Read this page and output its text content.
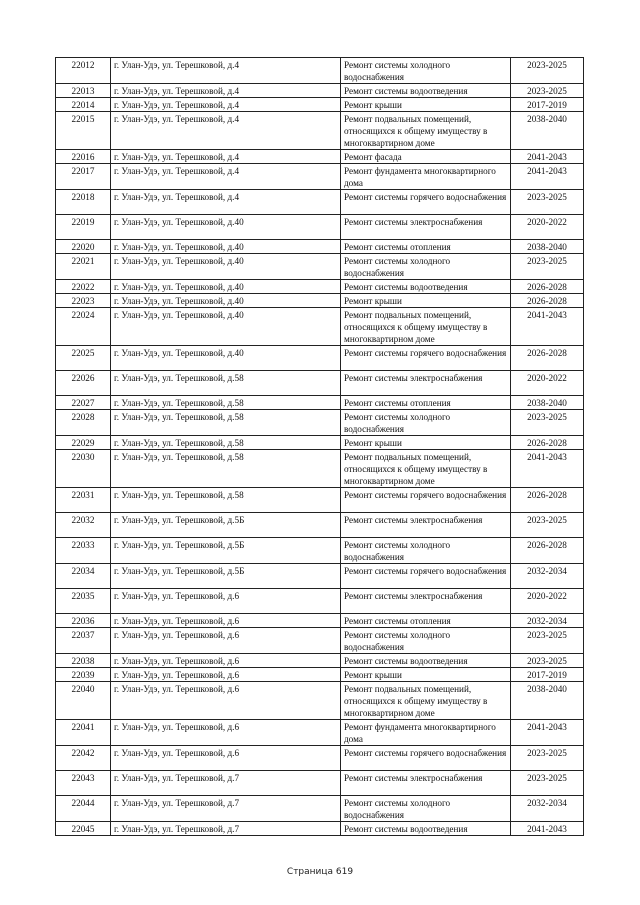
22012	г. Улан-Удэ, ул. Терешковой, д.4	Ремонт системы холодного водоснабжения	2023-2025
22013	г. Улан-Удэ, ул. Терешковой, д.4	Ремонт системы водоотведения	2023-2025
22014	г. Улан-Удэ, ул. Терешковой, д.4	Ремонт крыши	2017-2019
22015	г. Улан-Удэ, ул. Терешковой, д.4	Ремонт подвальных помещений, относящихся к общему имуществу в многоквартирном доме	2038-2040
22016	г. Улан-Удэ, ул. Терешковой, д.4	Ремонт фасада	2041-2043
22017	г. Улан-Удэ, ул. Терешковой, д.4	Ремонт фундамента многоквартирного дома	2041-2043
22018	г. Улан-Удэ, ул. Терешковой, д.4	Ремонт системы горячего водоснабжения	2023-2025
22019	г. Улан-Удэ, ул. Терешковой, д.40	Ремонт системы электроснабжения	2020-2022
22020	г. Улан-Удэ, ул. Терешковой, д.40	Ремонт системы отопления	2038-2040
22021	г. Улан-Удэ, ул. Терешковой, д.40	Ремонт системы холодного водоснабжения	2023-2025
22022	г. Улан-Удэ, ул. Терешковой, д.40	Ремонт системы водоотведения	2026-2028
22023	г. Улан-Удэ, ул. Терешковой, д.40	Ремонт крыши	2026-2028
22024	г. Улан-Удэ, ул. Терешковой, д.40	Ремонт подвальных помещений, относящихся к общему имуществу в многоквартирном доме	2041-2043
22025	г. Улан-Удэ, ул. Терешковой, д.40	Ремонт системы горячего водоснабжения	2026-2028
22026	г. Улан-Удэ, ул. Терешковой, д.58	Ремонт системы электроснабжения	2020-2022
22027	г. Улан-Удэ, ул. Терешковой, д.58	Ремонт системы отопления	2038-2040
22028	г. Улан-Удэ, ул. Терешковой, д.58	Ремонт системы холодного водоснабжения	2023-2025
22029	г. Улан-Удэ, ул. Терешковой, д.58	Ремонт крыши	2026-2028
22030	г. Улан-Удэ, ул. Терешковой, д.58	Ремонт подвальных помещений, относящихся к общему имуществу в многоквартирном доме	2041-2043
22031	г. Улан-Удэ, ул. Терешковой, д.58	Ремонт системы горячего водоснабжения	2026-2028
22032	г. Улан-Удэ, ул. Терешковой, д.5Б	Ремонт системы электроснабжения	2023-2025
22033	г. Улан-Удэ, ул. Терешковой, д.5Б	Ремонт системы холодного водоснабжения	2026-2028
22034	г. Улан-Удэ, ул. Терешковой, д.5Б	Ремонт системы горячего водоснабжения	2032-2034
22035	г. Улан-Удэ, ул. Терешковой, д.6	Ремонт системы электроснабжения	2020-2022
22036	г. Улан-Удэ, ул. Терешковой, д.6	Ремонт системы отопления	2032-2034
22037	г. Улан-Удэ, ул. Терешковой, д.6	Ремонт системы холодного водоснабжения	2023-2025
22038	г. Улан-Удэ, ул. Терешковой, д.6	Ремонт системы водоотведения	2023-2025
22039	г. Улан-Удэ, ул. Терешковой, д.6	Ремонт крыши	2017-2019
22040	г. Улан-Удэ, ул. Терешковой, д.6	Ремонт подвальных помещений, относящихся к общему имуществу в многоквартирном доме	2038-2040
22041	г. Улан-Удэ, ул. Терешковой, д.6	Ремонт фундамента многоквартирного дома	2041-2043
22042	г. Улан-Удэ, ул. Терешковой, д.6	Ремонт системы горячего водоснабжения	2023-2025
22043	г. Улан-Удэ, ул. Терешковой, д.7	Ремонт системы электроснабжения	2023-2025
22044	г. Улан-Удэ, ул. Терешковой, д.7	Ремонт системы холодного водоснабжения	2032-2034
22045	г. Улан-Удэ, ул. Терешковой, д.7	Ремонт системы водоотведения	2041-2043
Страница 619
